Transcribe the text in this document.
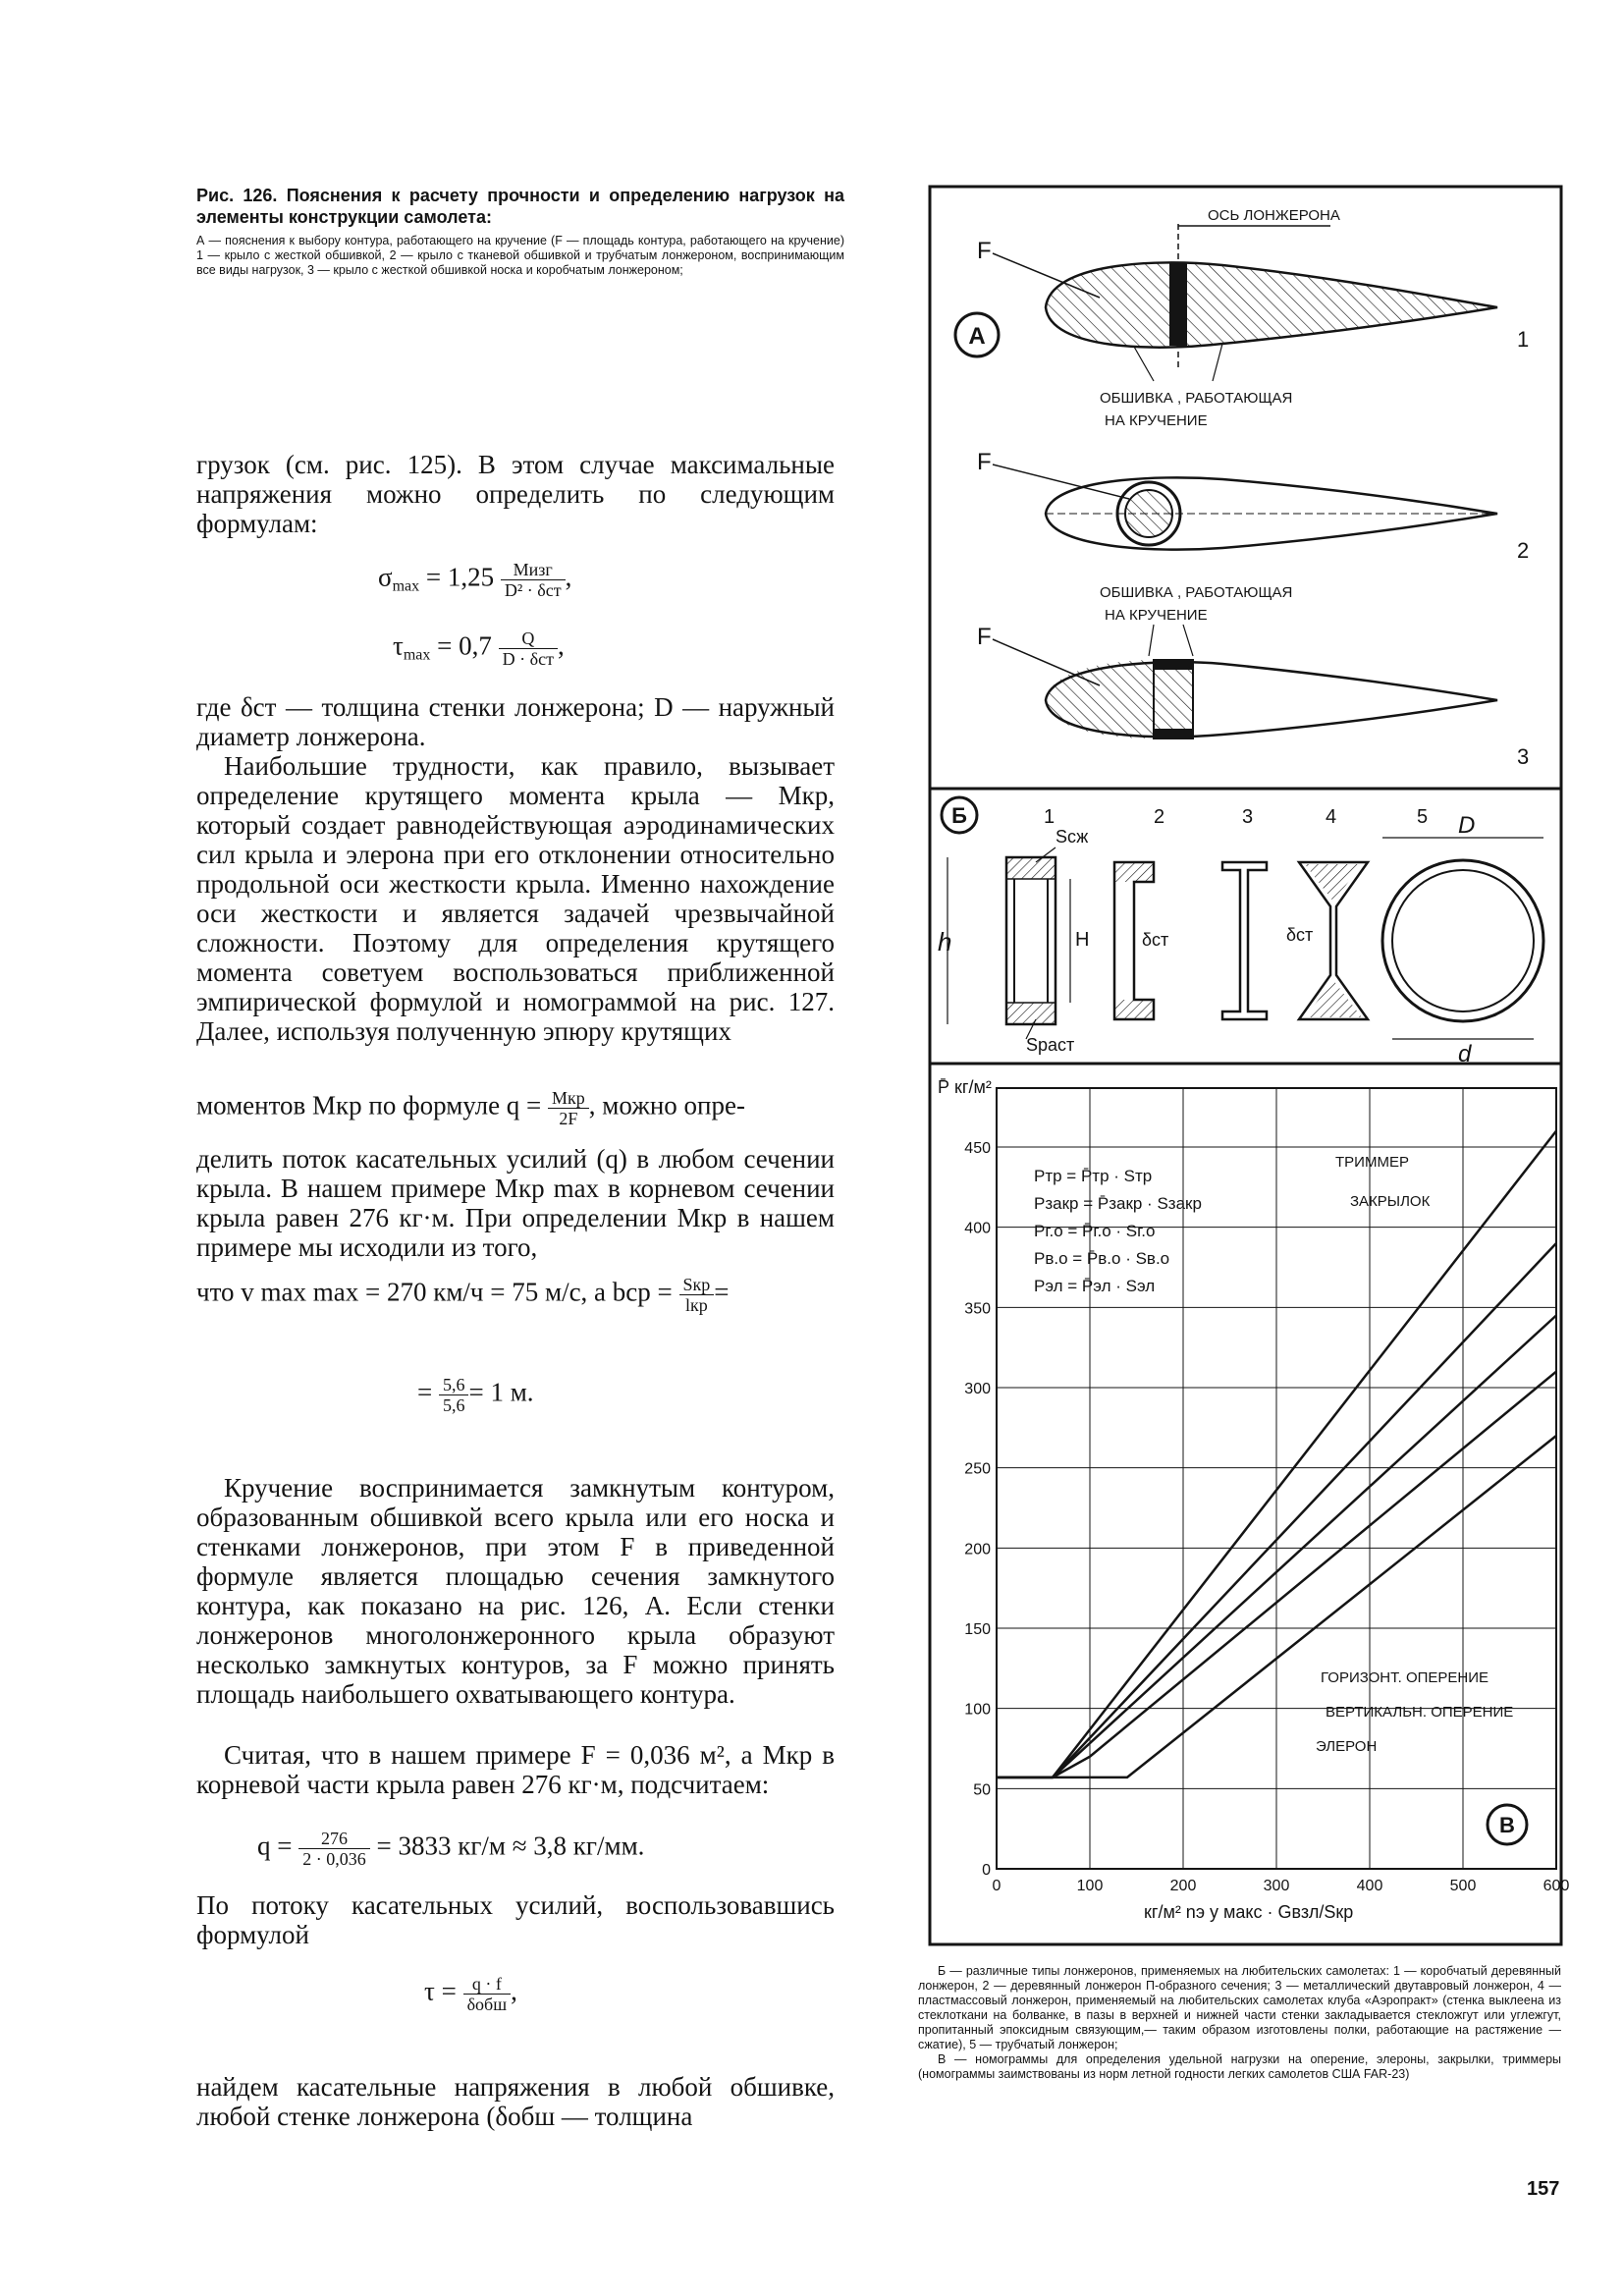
Рис. 126. Пояснения к расчету прочности и определению нагрузок на элементы конструкции самолета:
А — пояснения к выбору контура, работающего на кручение (F — площадь контура, работающего на кручение) 1 — крыло с жесткой обшивкой, 2 — крыло с тканевой обшивкой и трубчатым лонжероном, воспринимающим все виды нагрузок, 3 — крыло с жесткой обшивкой носка и коробчатым лонжероном;
грузок (см. рис. 125). В этом случае максимальные напряжения можно определить по следующим формулам:
$\sigma_{max} = 1,25 \frac{\text{Mизг}}{\text{D² · δст}}$ ,
$\tau_{max} = 0,7 \frac{Q}{\text{D · δст}}$ ,
где δст — толщина стенки лонжерона; D — наружный диаметр лонжерона.
Наибольшие трудности, как правило, вызывает определение крутящего момента крыла — Мкр, который создает равнодействующая аэродинамических сил крыла и элерона при его отклонении относительно продольной оси жесткости крыла. Именно нахождение оси жесткости и является задачей чрезвычайной сложности. Поэтому для определения крутящего момента советуем воспользоваться приближенной эмпирической формулой и номограммой на рис. 127. Далее, используя полученную эпюру крутящих
моментов Мкр по формуле $q = \frac{\text{Мкр}}{2F}$ , можно опре-
делить поток касательных усилий (q) в любом сечении крыла. В нашем примере Мкр max в корневом сечении крыла равен 276 кг·м. При определении Мкр в нашем примере мы исходили из того,
что v max max = 270 км/ч = 75 м/с, а bср = $\frac{\text{Sкр}}{\text{lкр}}$ =
= $\frac{5,6}{5,6} = 1$ м.
Кручение воспринимается замкнутым контуром, образованным обшивкой всего крыла или его носка и стенками лонжеронов, при этом F в приведенной формуле является площадью сечения замкнутого контура, как показано на рис. 126, А. Если стенки лонжеронов многолонжеронного крыла образуют несколько замкнутых контуров, за F можно принять площадь наибольшего охватывающего контура.
Считая, что в нашем примере F = 0,036 м², а Мкр в корневой части крыла равен 276 кг·м, подсчитаем:
$q = \frac{276}{2 \cdot 0,036} = 3833$ кг/м ≈ 3,8 кг/мм.
По потоку касательных усилий, воспользовавшись формулой
$\tau = \frac{q \cdot f}{\text{δобш}}$ ,
найдем касательные напряжения в любой обшивке, любой стенке лонжерона (δобш — толщина
А
ОСЬ ЛОНЖЕРОНА
F
1
ОБШИВКА , РАБОТАЮЩАЯ
НА КРУЧЕНИЕ
F
2
ОБШИВКА , РАБОТАЮЩАЯ
НА КРУЧЕНИЕ
F
3
Б	1	2	3	4	5
h
Sсж
Sраст
H	δст	δст
D
d
P̄ кг/м²
0	100	200	300	400	500	600
0
50
100
150
200
250
300
350
400
450
Pтр = P̄тр · Sтр
Pзакр = P̄закр · Sзакр
Pг.о = P̄г.о · Sг.о
Pв.о = P̄в.о · Sв.о
Pэл = P̄эл · Sэл
ТРИММЕР
ЗАКРЫЛОК
ГОРИЗОНТ. ОПЕРЕНИЕ
ВЕРТИКАЛЬН. ОПЕРЕНИЕ
ЭЛЕРОН
В
кг/м² nэ у макс · Gвзл/Sкр
Б — различные типы лонжеронов, применяемых на любительских самолетах: 1 — коробчатый деревянный лонжерон, 2 — деревянный лонжерон П-образного сечения; 3 — металлический двутавровый лонжерон, 4 — пластмассовый лонжерон, применяемый на любительских самолетах клуба «Аэропракт» (стенка выклеена из стеклоткани на болванке, в пазы в верхней и нижней части стенки закладывается стекложгут или углежгут, пропитанный эпоксидным связующим,— таким образом изготовлены полки, работающие на растяжение — сжатие), 5 — трубчатый лонжерон;
В — номограммы для определения удельной нагрузки на оперение, элероны, закрылки, триммеры (номограммы заимствованы из норм летной годности легких самолетов США FAR-23)
157
